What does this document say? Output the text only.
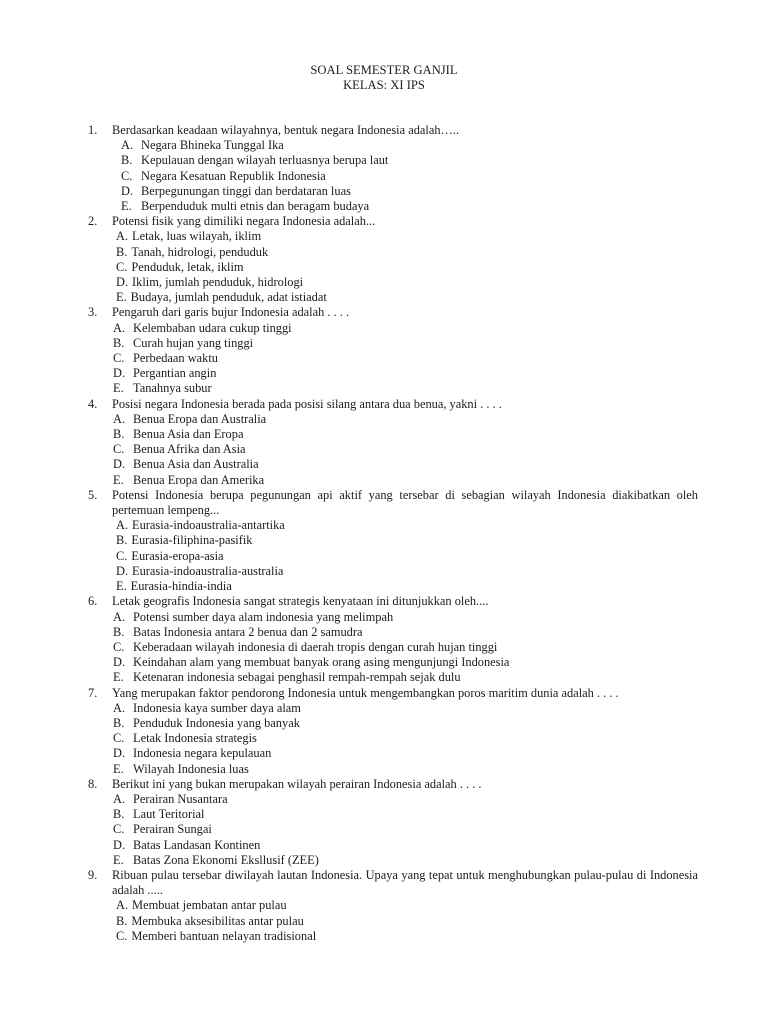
SOAL SEMESTER GANJIL
KELAS: XI IPS
1.	Berdasarkan keadaan wilayahnya, bentuk negara Indonesia adalah…..
A. Negara Bhineka Tunggal Ika
B. Kepulauan dengan wilayah terluasnya berupa laut
C. Negara Kesatuan Republik Indonesia
D. Berpegunungan tinggi dan berdataran luas
E. Berpenduduk multi etnis dan beragam budaya
2.	Potensi fisik yang dimiliki negara Indonesia adalah...
A. Letak, luas wilayah, iklim
B. Tanah, hidrologi, penduduk
C. Penduduk, letak, iklim
D. Iklim, jumlah penduduk, hidrologi
E. Budaya, jumlah penduduk, adat istiadat
3.	Pengaruh dari garis bujur Indonesia adalah . . . .
A. Kelembaban udara cukup tinggi
B. Curah hujan yang tinggi
C. Perbedaan waktu
D. Pergantian angin
E. Tanahnya subur
4.	Posisi negara Indonesia berada pada posisi silang antara dua benua, yakni . . . .
A. Benua Eropa dan Australia
B. Benua Asia dan Eropa
C. Benua Afrika dan Asia
D. Benua Asia dan Australia
E. Benua Eropa dan Amerika
5.	Potensi Indonesia berupa pegunungan api aktif yang tersebar di sebagian wilayah Indonesia diakibatkan oleh pertemuan lempeng...
A. Eurasia-indoaustralia-antartika
B. Eurasia-filiphina-pasifik
C. Eurasia-eropa-asia
D. Eurasia-indoaustralia-australia
E. Eurasia-hindia-india
6.	Letak geografis Indonesia sangat strategis kenyataan ini ditunjukkan oleh....
A. Potensi sumber daya alam indonesia yang melimpah
B. Batas Indonesia antara 2 benua dan 2 samudra
C. Keberadaan wilayah indonesia di daerah tropis dengan curah hujan tinggi
D. Keindahan alam yang membuat banyak orang asing mengunjungi Indonesia
E. Ketenaran indonesia sebagai penghasil rempah-rempah sejak dulu
7.	Yang merupakan faktor pendorong Indonesia untuk mengembangkan poros maritim dunia adalah . . . .
A. Indonesia kaya sumber daya alam
B. Penduduk Indonesia yang banyak
C. Letak Indonesia strategis
D. Indonesia negara kepulauan
E. Wilayah Indonesia luas
8.	Berikut ini yang bukan merupakan wilayah perairan Indonesia adalah . . . .
A. Perairan Nusantara
B. Laut Teritorial
C. Perairan Sungai
D. Batas Landasan Kontinen
E. Batas Zona Ekonomi Eksllusif (ZEE)
9.	Ribuan pulau tersebar diwilayah lautan Indonesia. Upaya yang tepat untuk menghubungkan pulau-pulau di Indonesia adalah .....
A. Membuat jembatan antar pulau
B. Membuka aksesibilitas antar pulau
C. Memberi bantuan nelayan tradisional
